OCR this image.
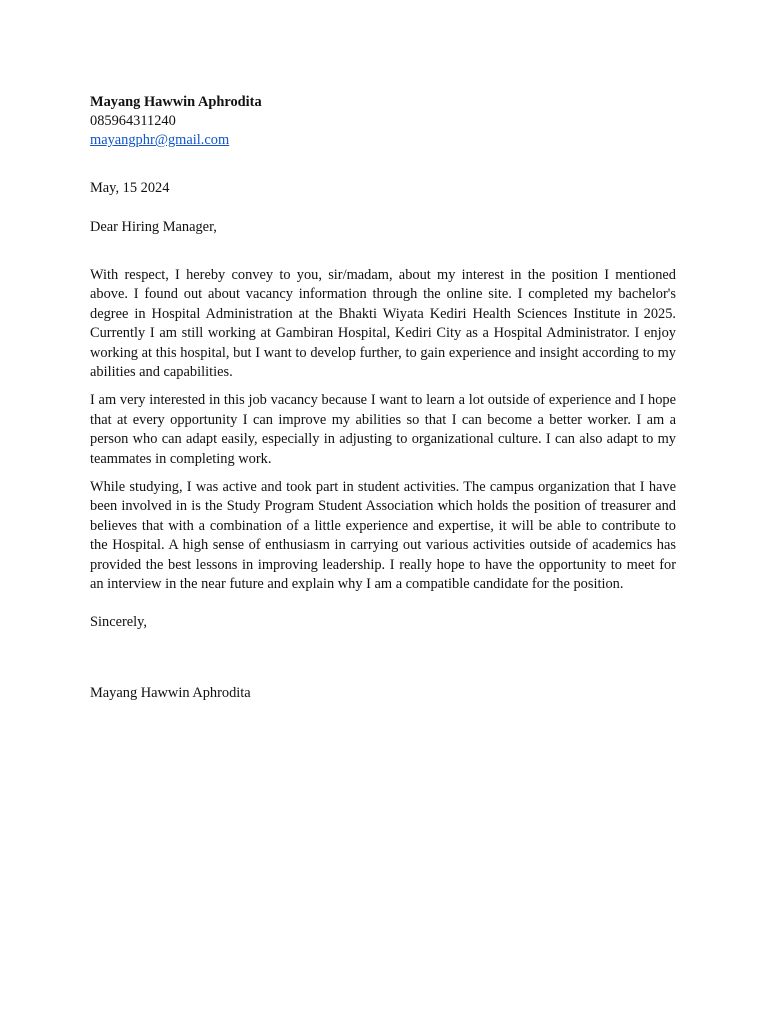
Mayang Hawwin Aphrodita

085964311240

mayangphr@gmail.com

May, 15 2024

Dear Hiring Manager,

With respect, I hereby convey to you, sir/madam, about my interest in the position I mentioned above. I found out about vacancy information through the online site. I completed my bachelor's degree in Hospital Administration at the Bhakti Wiyata Kediri Health Sciences Institute in 2025. Currently I am still working at Gambiran Hospital, Kediri City as a Hospital Administrator. I enjoy working at this hospital, but I want to develop further, to gain experience and insight according to my abilities and capabilities.

I am very interested in this job vacancy because I want to learn a lot outside of experience and I hope that at every opportunity I can improve my abilities so that I can become a better worker. I am a person who can adapt easily, especially in adjusting to organizational culture. I can also adapt to my teammates in completing work.

While studying, I was active and took part in student activities. The campus organization that I have been involved in is the Study Program Student Association which holds the position of treasurer and believes that with a combination of a little experience and expertise, it will be able to contribute to the Hospital. A high sense of enthusiasm in carrying out various activities outside of academics has provided the best lessons in improving leadership. I really hope to have the opportunity to meet for an interview in the near future and explain why I am a compatible candidate for the position.

Sincerely,

Mayang Hawwin Aphrodita
